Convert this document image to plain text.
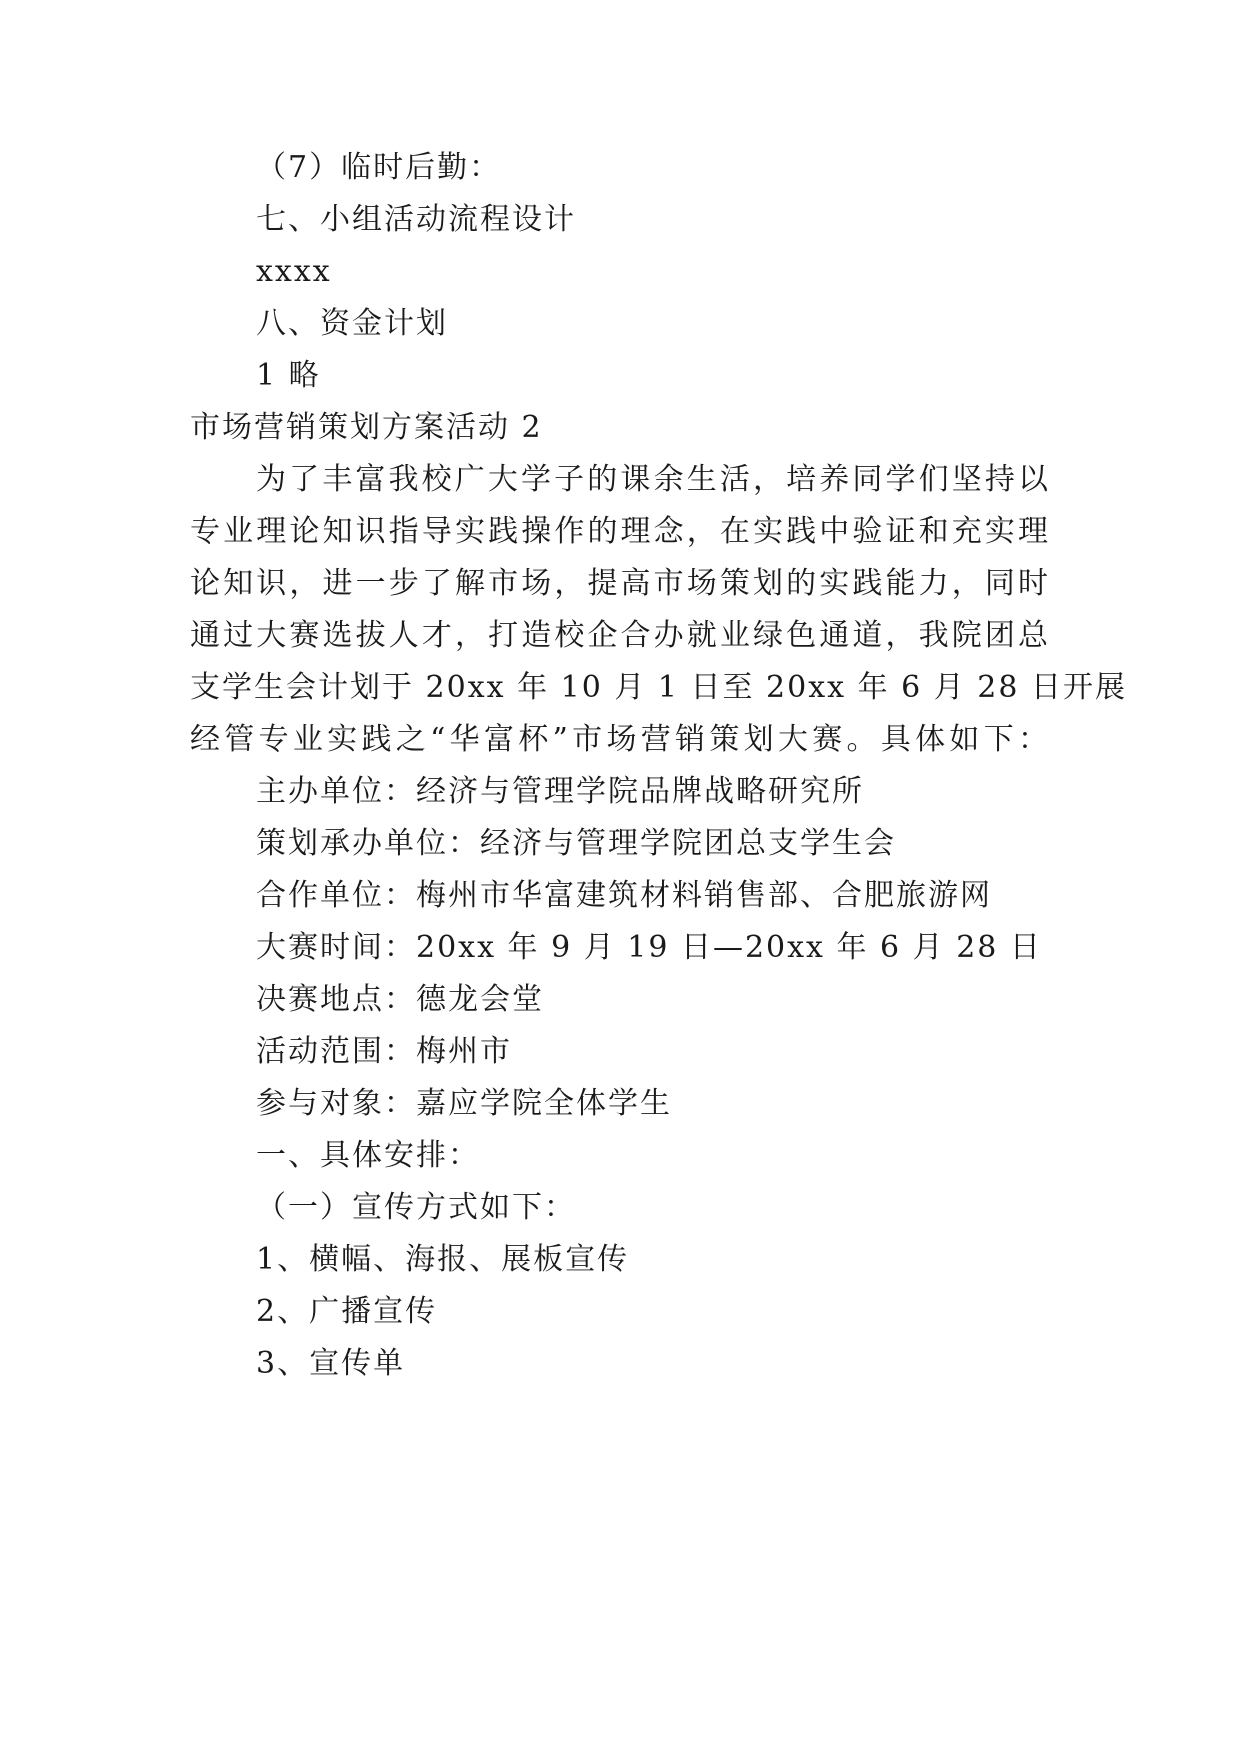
（7）临时后勤：
七、小组活动流程设计
xxxx
八、资金计划
1 略
市场营销策划方案活动 2
为了丰富我校广大学子的课余生活，培养同学们坚持以
专业理论知识指导实践操作的理念，在实践中验证和充实理
论知识，进一步了解市场，提高市场策划的实践能力，同时
通过大赛选拔人才，打造校企合办就业绿色通道，我院团总
支学生会计划于 20xx 年 10 月 1 日至 20xx 年 6 月 28 日开展
经管专业实践之“华富杯”市场营销策划大赛。具体如下：
主办单位：经济与管理学院品牌战略研究所
策划承办单位：经济与管理学院团总支学生会
合作单位：梅州市华富建筑材料销售部、合肥旅游网
大赛时间：20xx 年 9 月 19 日—20xx 年 6 月 28 日
决赛地点：德龙会堂
活动范围：梅州市
参与对象：嘉应学院全体学生
一、具体安排：
（一）宣传方式如下：
1、横幅、海报、展板宣传
2、广播宣传
3、宣传单
